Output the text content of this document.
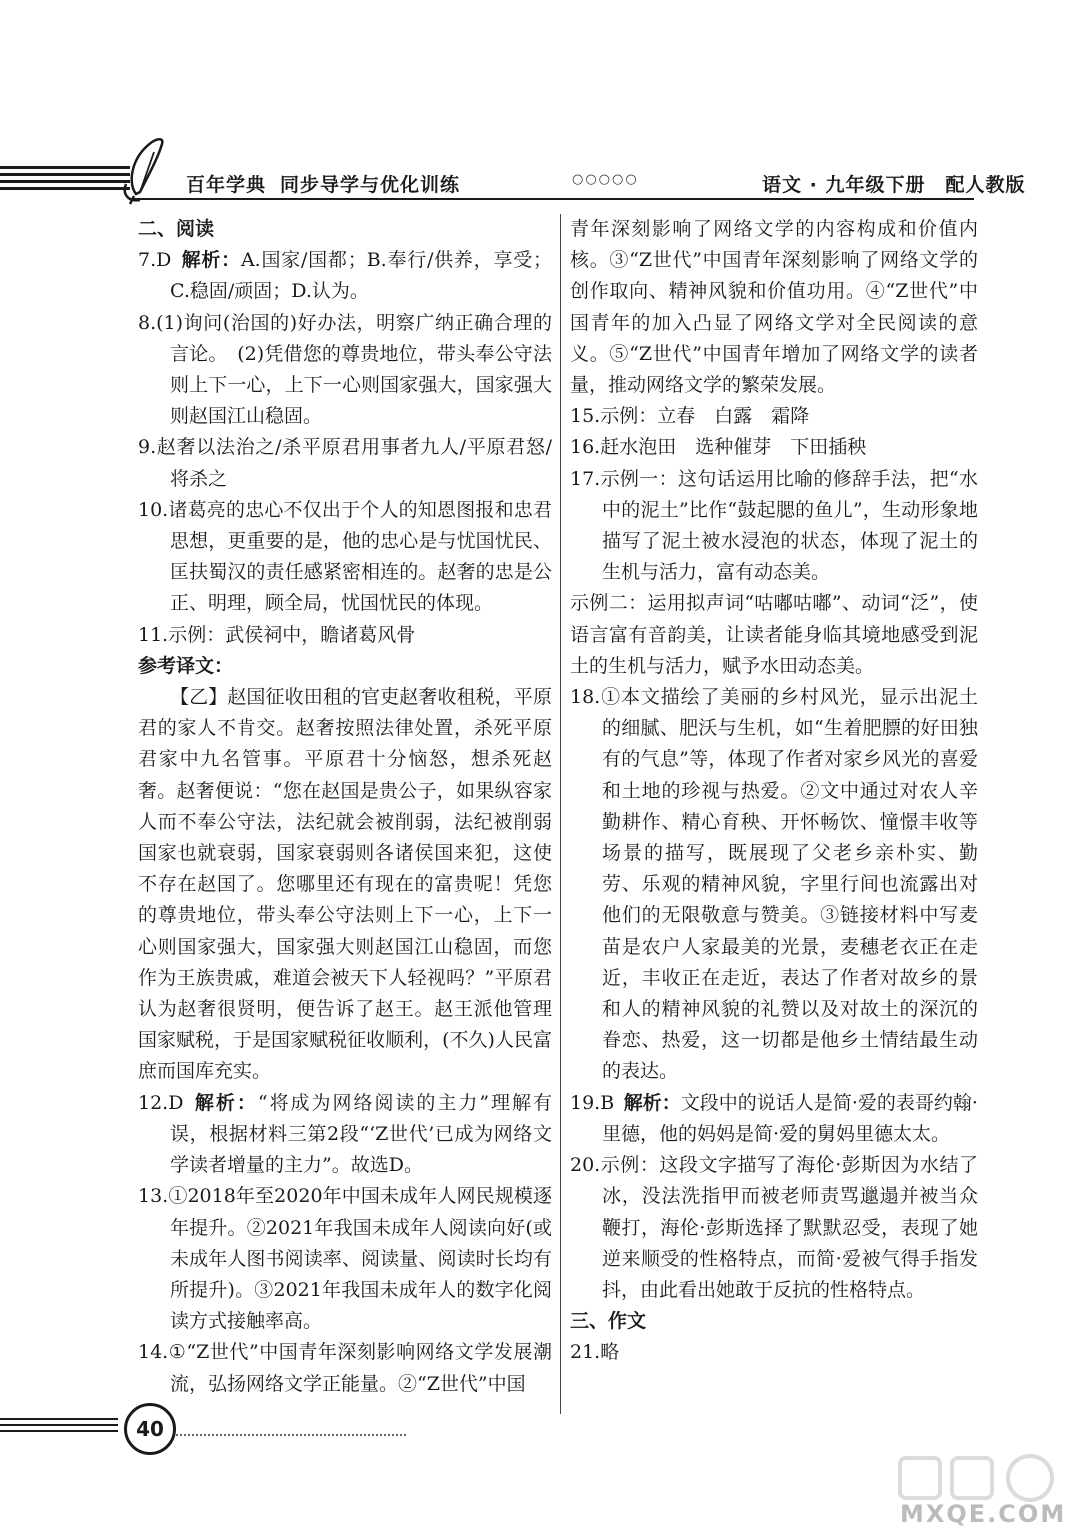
百年学典 同步导学与优化训练	○○○○○	语文 · 九年级下册　配人教版

二、阅读

7.D  解析：A.国家/国都；B.奉行/供养，享受；C.稳固/顽固；D.认为。

8.(1)询问(治国的)好办法，明察广纳正确合理的言论。　(2)凭借您的尊贵地位，带头奉公守法则上下一心，上下一心则国家强大，国家强大则赵国江山稳固。

9.赵奢以法治之/杀平原君用事者九人/平原君怒/将杀之

10.诸葛亮的忠心不仅出于个人的知恩图报和忠君思想，更重要的是，他的忠心是与忧国忧民、匡扶蜀汉的责任感紧密相连的。赵奢的忠是公正、明理，顾全局，忧国忧民的体现。

11.示例：武侯祠中，瞻诸葛风骨

参考译文：

【乙】赵国征收田租的官吏赵奢收租税，平原君的家人不肯交。赵奢按照法律处置，杀死平原君家中九名管事。平原君十分恼怒，想杀死赵奢。赵奢便说：“您在赵国是贵公子，如果纵容家人而不奉公守法，法纪就会被削弱，法纪被削弱国家也就衰弱，国家衰弱则各诸侯国来犯，这使不存在赵国了。您哪里还有现在的富贵呢！凭您的尊贵地位，带头奉公守法则上下一心，上下一心则国家强大，国家强大则赵国江山稳固，而您作为王族贵戚，难道会被天下人轻视吗？”平原君认为赵奢很贤明，便告诉了赵王。赵王派他管理国家赋税，于是国家赋税征收顺利，(不久)人民富庶而国库充实。

12.D  解析：“将成为网络阅读的主力”理解有误，根据材料三第2段“‘Z世代’已成为网络文学读者增量的主力”。故选D。

13.①2018年至2020年中国未成年人网民规模逐年提升。②2021年我国未成年人阅读向好(或未成年人图书阅读率、阅读量、阅读时长均有所提升)。③2021年我国未成年人的数字化阅读方式接触率高。

14.①“Z世代”中国青年深刻影响网络文学发展潮流，弘扬网络文学正能量。②“Z世代”中国

青年深刻影响了网络文学的内容构成和价值内核。③“Z世代”中国青年深刻影响了网络文学的创作取向、精神风貌和价值功用。④“Z世代”中国青年的加入凸显了网络文学对全民阅读的意义。⑤“Z世代”中国青年增加了网络文学的读者量，推动网络文学的繁荣发展。

15.示例：立春　白露　霜降

16.赶水泡田　选种催芽　下田插秧

17.示例一：这句话运用比喻的修辞手法，把“水中的泥土”比作“鼓起腮的鱼儿”，生动形象地描写了泥土被水浸泡的状态，体现了泥土的生机与活力，富有动态美。

示例二：运用拟声词“咕嘟咕嘟”、动词“泛”，使语言富有音韵美，让读者能身临其境地感受到泥土的生机与活力，赋予水田动态美。

18.①本文描绘了美丽的乡村风光，显示出泥土的细腻、肥沃与生机，如“生着肥膘的好田独有的气息”等，体现了作者对家乡风光的喜爱和土地的珍视与热爱。②文中通过对农人辛勤耕作、精心育秧、开怀畅饮、憧憬丰收等场景的描写，既展现了父老乡亲朴实、勤劳、乐观的精神风貌，字里行间也流露出对他们的无限敬意与赞美。③链接材料中写麦苗是农户人家最美的光景，麦穗老衣正在走近，丰收正在走近，表达了作者对故乡的景和人的精神风貌的礼赞以及对故土的深沉的眷恋、热爱，这一切都是他乡土情结最生动的表达。

19.B  解析：文段中的说话人是简·爱的表哥约翰·里德，他的妈妈是简·爱的舅妈里德太太。

20.示例：这段文字描写了海伦·彭斯因为水结了冰，没法洗指甲而被老师责骂邋遢并被当众鞭打，海伦·彭斯选择了默默忍受，表现了她逆来顺受的性格特点，而简·爱被气得手指发抖，由此看出她敢于反抗的性格特点。

三、作文

21.略

40
MXQE.COM
